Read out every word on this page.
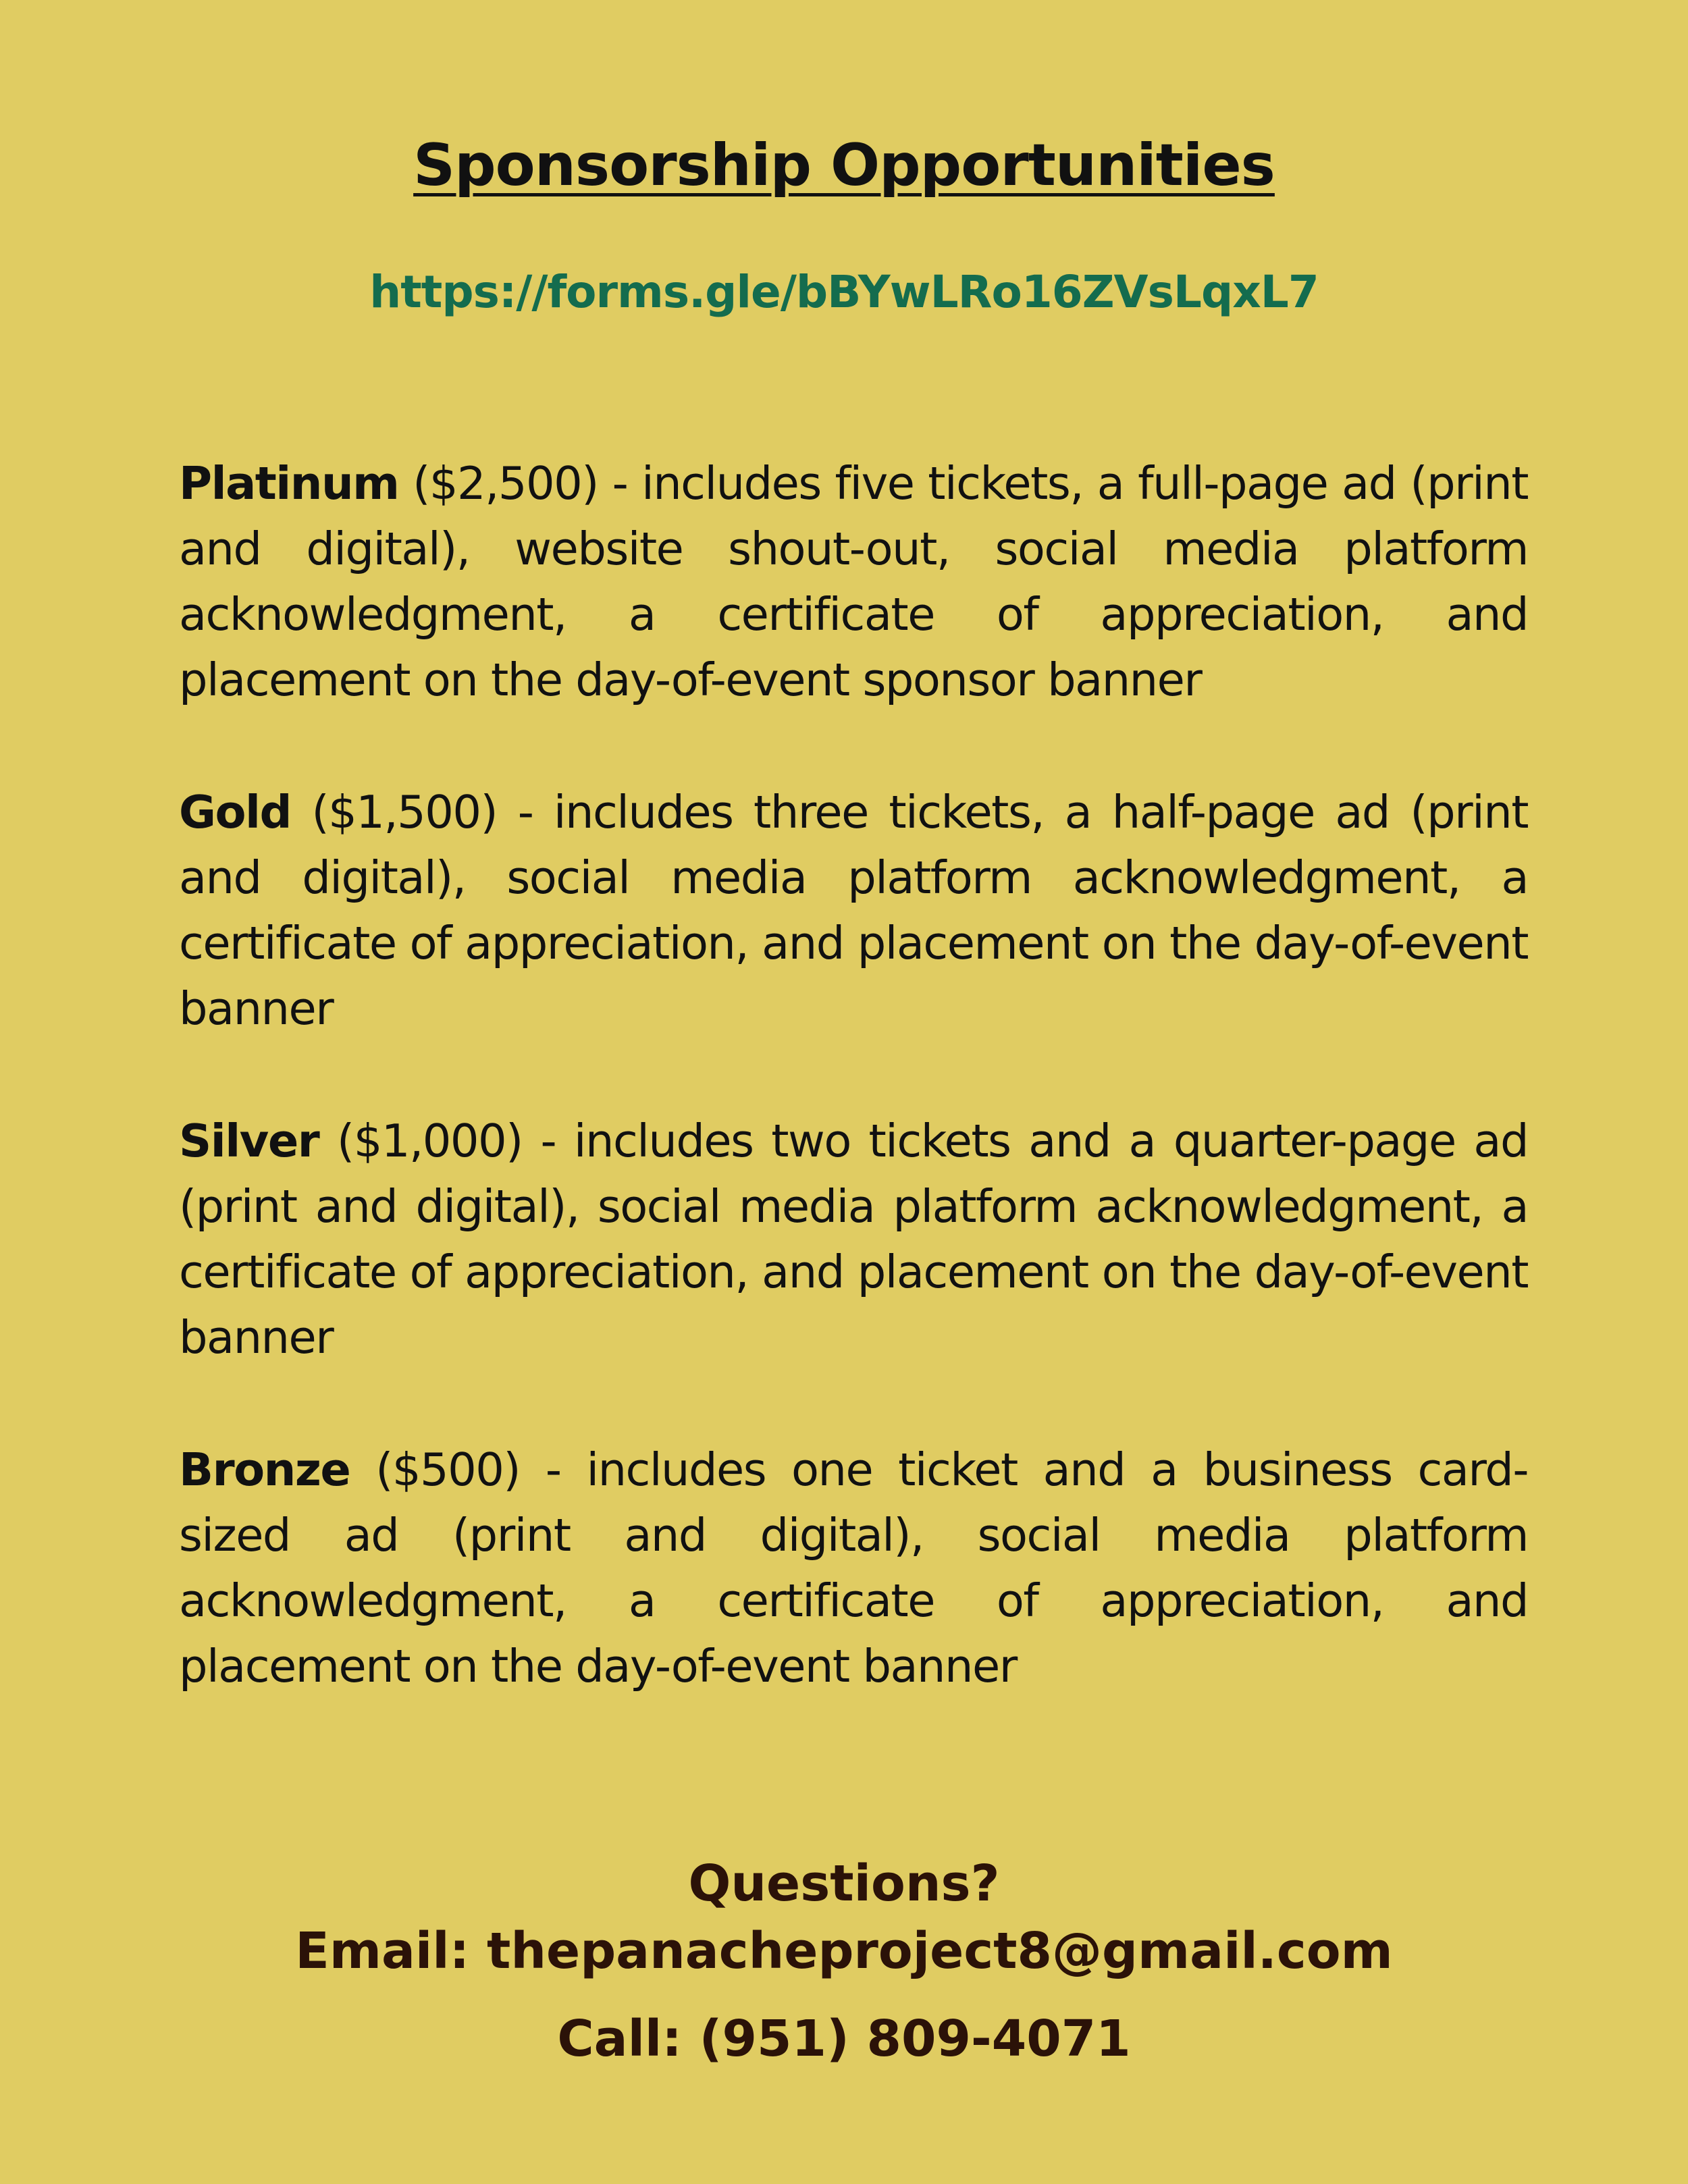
Sponsorship Opportunities
https://forms.gle/bBYwLRo16ZVsLqxL7

Platinum ($2,500) - includes five tickets, a full-page ad (print and digital), website shout-out, social media platform acknowledgment, a certificate of appreciation, and placement on the day-of-event sponsor banner

Gold ($1,500) - includes three tickets, a half-page ad (print and digital), social media platform acknowledgment, a certificate of appreciation, and placement on the day-of-event banner

Silver ($1,000) - includes two tickets and a quarter-page ad (print and digital), social media platform acknowledgment, a certificate of appreciation, and placement on the day-of-event banner

Bronze ($500) - includes one ticket and a business card-sized ad (print and digital), social media platform acknowledgment, a certificate of appreciation, and placement on the day-of-event banner

Questions?
Email: thepanacheproject8@gmail.com
Call: (951) 809-4071
